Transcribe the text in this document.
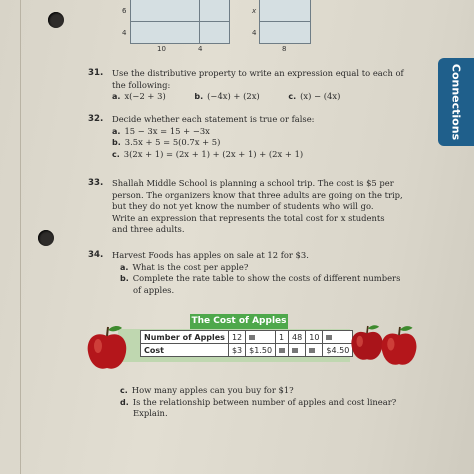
Connections
6
4
10	4
x
4
8
31. Use the distributive property to write an expression equal to each of
the following:
a. x(−2 + 3)	b. (−4x) + (2x)	c. (x) − (4x)
32. Decide whether each statement is true or false:
a. 15 − 3x = 15 + −3x
b. 3.5x + 5 = 5(0.7x + 5)
c. 3(2x + 1) = (2x + 1) + (2x + 1) + (2x + 1)
33. Shallah Middle School is planning a school trip. The cost is $5 per
person. The organizers know that three adults are going on the trip,
but they do not yet know the number of students who will go.
Write an expression that represents the total cost for x students
and three adults.
34. Harvest Foods has apples on sale at 12 for $3.
a. What is the cost per apple?
b. Complete the rate table to show the costs of different numbers
of apples.
The Cost of Apples
Number of Apples	12		1	48	10	
Cost	$3	$1.50				$4.50
c. How many apples can you buy for $1?
d. Is the relationship between number of apples and cost linear?
Explain.
